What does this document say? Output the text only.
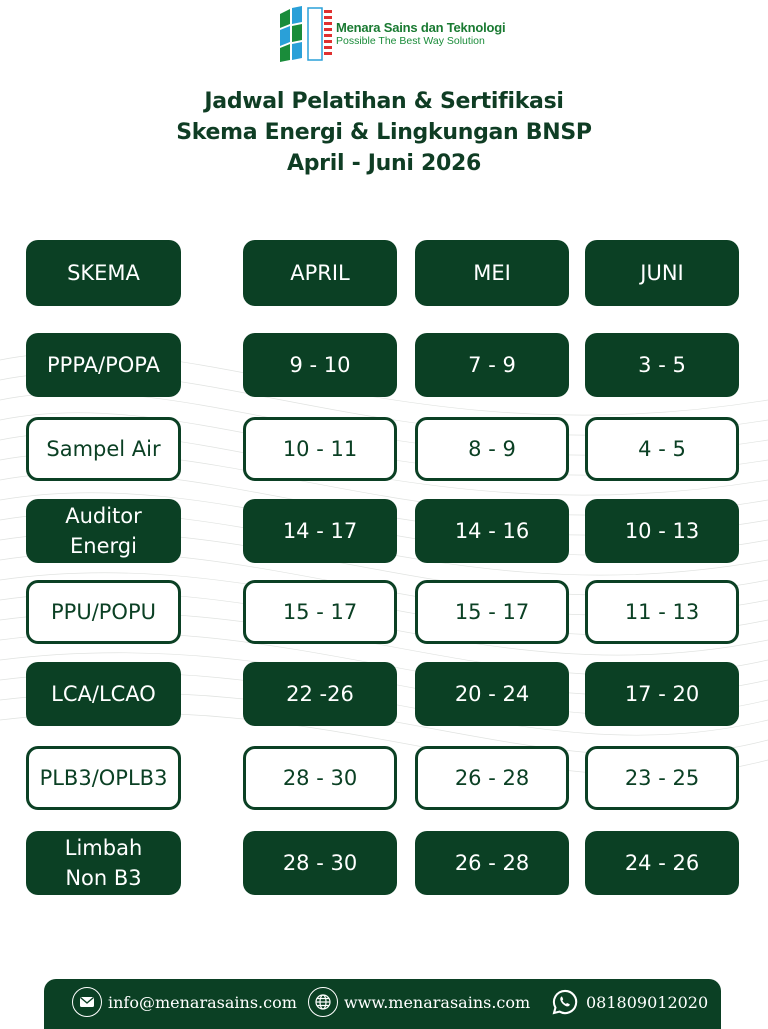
Menara Sains dan Teknologi
Possible The Best Way Solution
Jadwal Pelatihan & Sertifikasi
Skema Energi & Lingkungan BNSP
April - Juni 2026
SKEMA	APRIL	MEI	JUNI
PPPA/POPA	9 - 10	7 - 9	3 - 5
Sampel Air	10 - 11	8 - 9	4 - 5
Auditor
Energi
14 - 17	14 - 16	10 - 13
PPU/POPU	15 - 17	15 - 17	11 - 13
LCA/LCAO	22 -26	20 - 24	17 - 20
PLB3/OPLB3	28 - 30	26 - 28	23 - 25
Limbah
Non B3
28 - 30	26 - 28	24 - 26
info@menarasains.com	www.menarasains.com	081809012020
